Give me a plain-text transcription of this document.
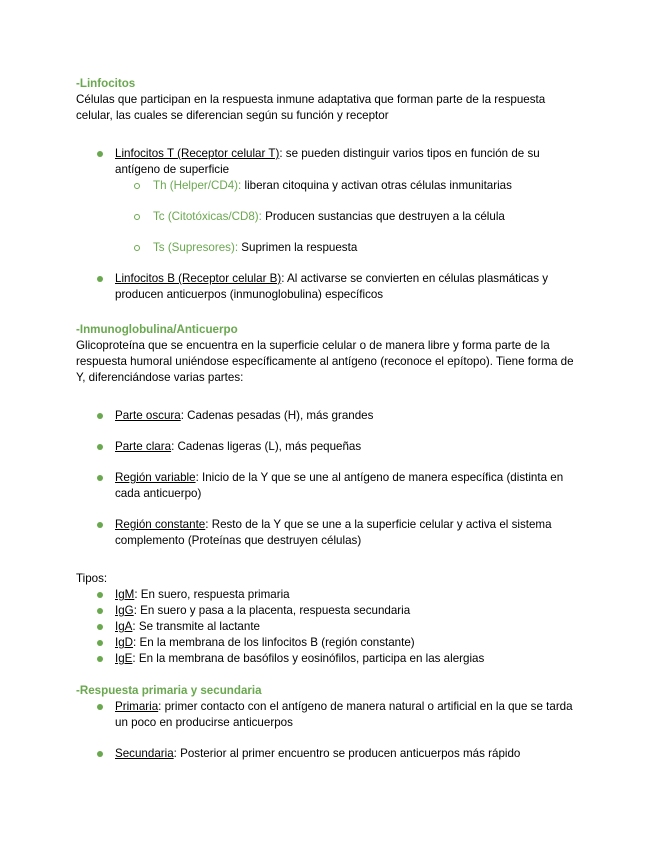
-Linfocitos

Células que participan en la respuesta inmune adaptativa que forman parte de la respuesta celular, las cuales se diferencian según su función y receptor

Linfocitos T (Receptor celular T): se pueden distinguir varios tipos en función de su antígeno de superficie
Th (Helper/CD4): liberan citoquina y activan otras células inmunitarias
Tc (Citotóxicas/CD8): Producen sustancias que destruyen a la célula
Ts (Supresores): Suprimen la respuesta
Linfocitos B (Receptor celular B): Al activarse se convierten en células plasmáticas y producen anticuerpos (inmunoglobulina) específicos
-Inmunoglobulina/Anticuerpo

Glicoproteína que se encuentra en la superficie celular o de manera libre y forma parte de la respuesta humoral uniéndose específicamente al antígeno (reconoce el epítopo). Tiene forma de Y, diferenciándose varias partes:

Parte oscura: Cadenas pesadas (H), más grandes
Parte clara: Cadenas ligeras (L), más pequeñas
Región variable: Inicio de la Y que se une al antígeno de manera específica (distinta en cada anticuerpo)
Región constante: Resto de la Y que se une a la superficie celular y activa el sistema complemento (Proteínas que destruyen células)

Tipos:

IgM: En suero, respuesta primaria
IgG: En suero y pasa a la placenta, respuesta secundaria
IgA: Se transmite al lactante
IgD: En la membrana de los linfocitos B (región constante)
IgE: En la membrana de basófilos y eosinófilos, participa en las alergias
-Respuesta primaria y secundaria
Primaria: primer contacto con el antígeno de manera natural o artificial en la que se tarda un poco en producirse anticuerpos
Secundaria: Posterior al primer encuentro se producen anticuerpos más rápido
